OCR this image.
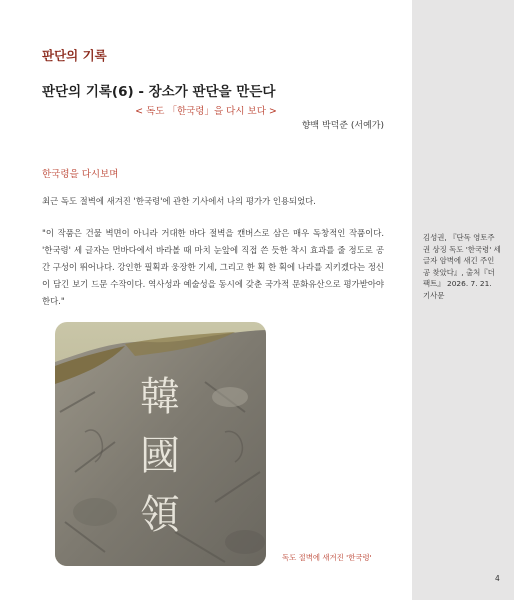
판단의 기록
판단의 기록(6) - 장소가 판단을 만든다
< 독도 「한국령」을 다시 보다 >
향백 박덕준 (서예가)
한국령을 다시보며
최근 독도 절벽에 새겨진 '한국령'에 관한 기사에서 나의 평가가 인용되었다.
"이 작품은 건물 벽면이 아니라 거대한 바다 절벽을 캔버스로 삼은 매우 독창적인 작품이다. '한국령' 세 글자는 먼바다에서 바라볼 때 마치 눈앞에 직접 쓴 듯한 착시 효과를 줄 정도로 공간 구성이 뛰어나다. 강인한 필획과 웅장한 기세, 그리고 한 획 한 획에 나라를 지키겠다는 정신이 담긴 보기 드문 수작이다. 역사성과 예술성을 동시에 갖춘 국가적 문화유산으로 평가받아야 한다."
韓
國
領
독도 절벽에 새겨진 '한국령'
김성권, 『단독 영토주권 상징 독도 '한국령' 세 글자 암벽에 새긴 주인공 찾았다』, 출처『더팩트』 2026. 7. 21. 기사문
4
